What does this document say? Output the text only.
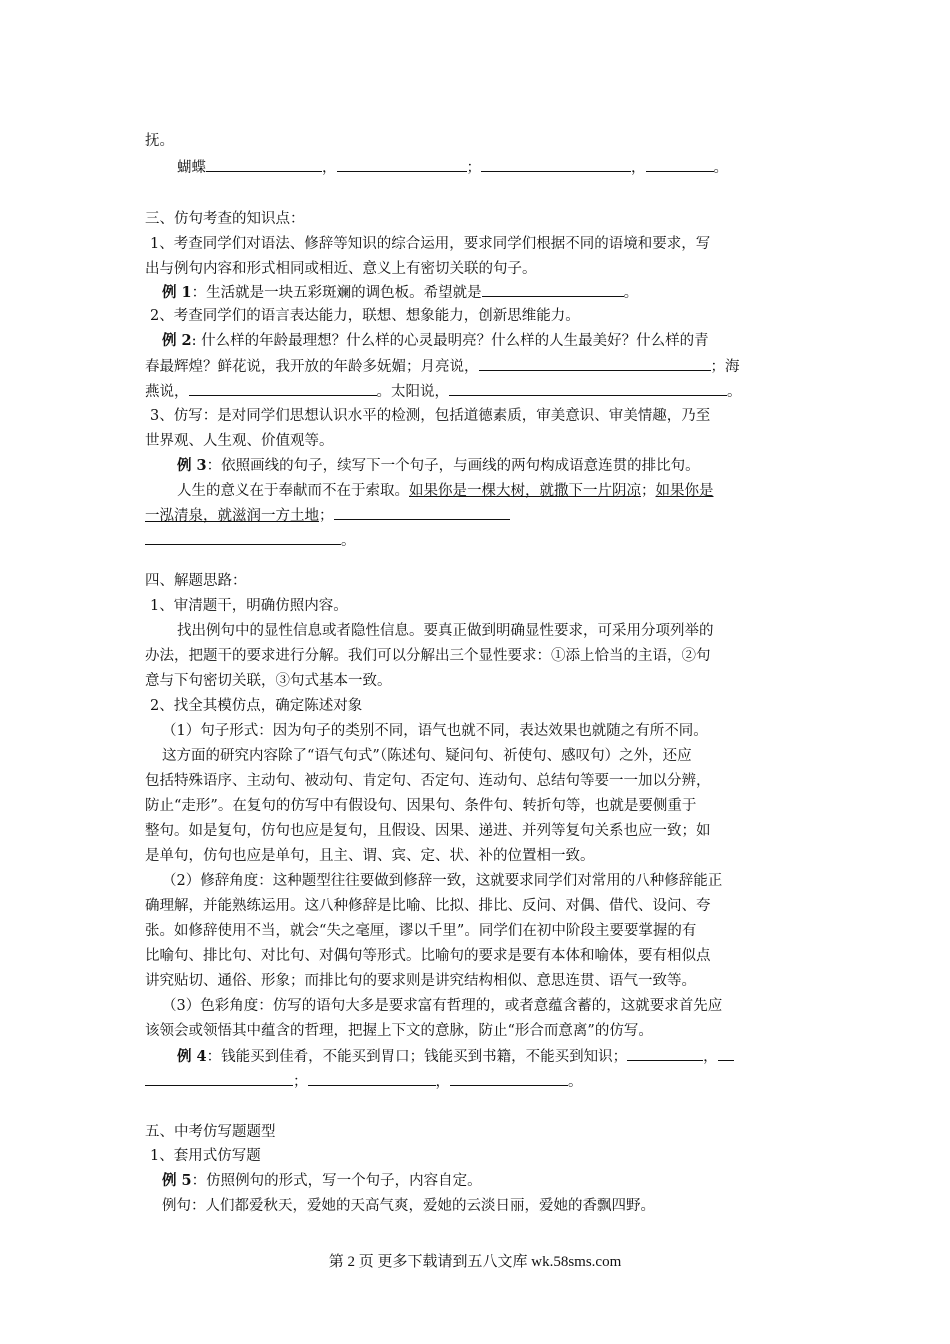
抚。
蝴蝶	，	；	，	。
三、仿句考查的知识点：
1、考查同学们对语法、修辞等知识的综合运用，要求同学们根据不同的语境和要求，写
出与例句内容和形式相同或相近、意义上有密切关联的句子。
例 1：生活就是一块五彩斑斓的调色板。希望就是	。
2、考查同学们的语言表达能力，联想、想象能力，创新思维能力。
例 2: 什么样的年龄最理想？什么样的心灵最明亮？什么样的人生最美好？什么样的青
春最辉煌？鲜花说，我开放的年龄多妩媚；月亮说，	；海
燕说，	。太阳说，	。
3、仿写：是对同学们思想认识水平的检测，包括道德素质，审美意识、审美情趣，乃至
世界观、人生观、价值观等。
例 3：依照画线的句子，续写下一个句子，与画线的两句构成语意连贯的排比句。
人生的意义在于奉献而不在于索取。如果你是一棵大树，就撒下一片阴凉；如果你是
一泓清泉，就滋润一方土地；
。
四、解题思路：
1、审清题干，明确仿照内容。
找出例句中的显性信息或者隐性信息。要真正做到明确显性要求，可采用分项列举的
办法，把题干的要求进行分解。我们可以分解出三个显性要求：①添上恰当的主语，②句
意与下句密切关联，③句式基本一致。
2、找全其模仿点，确定陈述对象
（1）句子形式：因为句子的类别不同，语气也就不同，表达效果也就随之有所不同。
这方面的研究内容除了“语气句式”（陈述句、疑问句、祈使句、感叹句）之外，还应
包括特殊语序、主动句、被动句、肯定句、否定句、连动句、总结句等要一一加以分辨，
防止“走形”。在复句的仿写中有假设句、因果句、条件句、转折句等，也就是要侧重于
整句。如是复句，仿句也应是复句，且假设、因果、递进、并列等复句关系也应一致；如
是单句，仿句也应是单句，且主、谓、宾、定、状、补的位置相一致。
（2）修辞角度：这种题型往往要做到修辞一致，这就要求同学们对常用的八种修辞能正
确理解，并能熟练运用。这八种修辞是比喻、比拟、排比、反问、对偶、借代、设问、夸
张。如修辞使用不当，就会“失之毫厘，谬以千里”。同学们在初中阶段主要要掌握的有
比喻句、排比句、对比句、对偶句等形式。比喻句的要求是要有本体和喻体，要有相似点
讲究贴切、通俗、形象；而排比句的要求则是讲究结构相似、意思连贯、语气一致等。
（3）色彩角度：仿写的语句大多是要求富有哲理的，或者意蕴含蓄的，这就要求首先应
该领会或领悟其中蕴含的哲理，把握上下文的意脉，防止“形合而意离”的仿写。
例 4：钱能买到佳肴，不能买到胃口；钱能买到书籍，不能买到知识；	，
；	，	。
五、中考仿写题题型
1、套用式仿写题
例 5：仿照例句的形式，写一个句子，内容自定。
例句：人们都爱秋天，爱她的天高气爽，爱她的云淡日丽，爱她的香飘四野。
第 2 页 更多下载请到五八文库 wk.58sms.com
